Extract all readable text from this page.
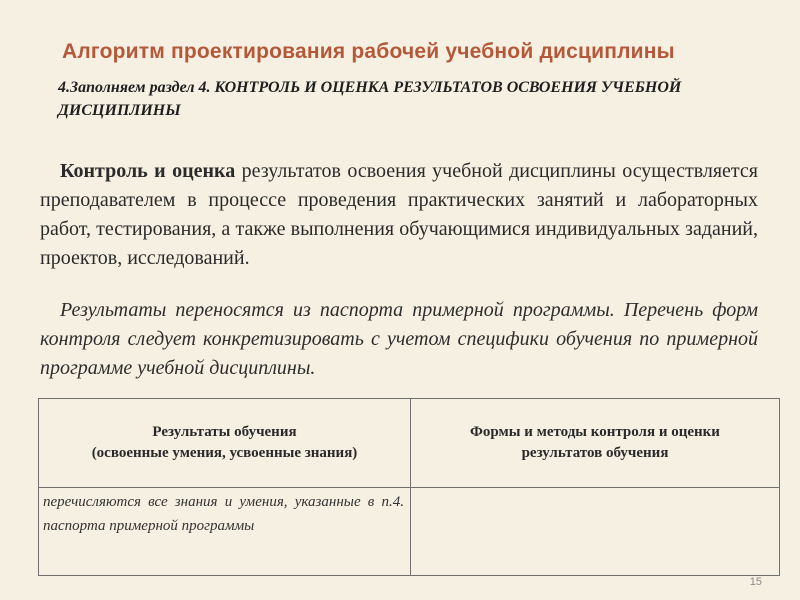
Алгоритм проектирования рабочей учебной дисциплины
4.Заполняем раздел 4. КОНТРОЛЬ И ОЦЕНКА РЕЗУЛЬТАТОВ ОСВОЕНИЯ УЧЕБНОЙ ДИСЦИПЛИНЫ
Контроль и оценка результатов освоения учебной дисциплины осуществляется преподавателем в процессе проведения практических занятий и лабораторных работ, тестирования, а также выполнения обучающимися индивидуальных заданий, проектов, исследований.
Результаты переносятся из паспорта примерной программы. Перечень форм контроля следует конкретизировать с учетом специфики обучения по примерной программе учебной дисциплины.
Результаты обучения
(освоенные умения, усвоенные знания)	Формы и методы контроля и оценки результатов обучения

перечисляются все знания и умения, указанные в п.4. паспорта примерной программы	
15
